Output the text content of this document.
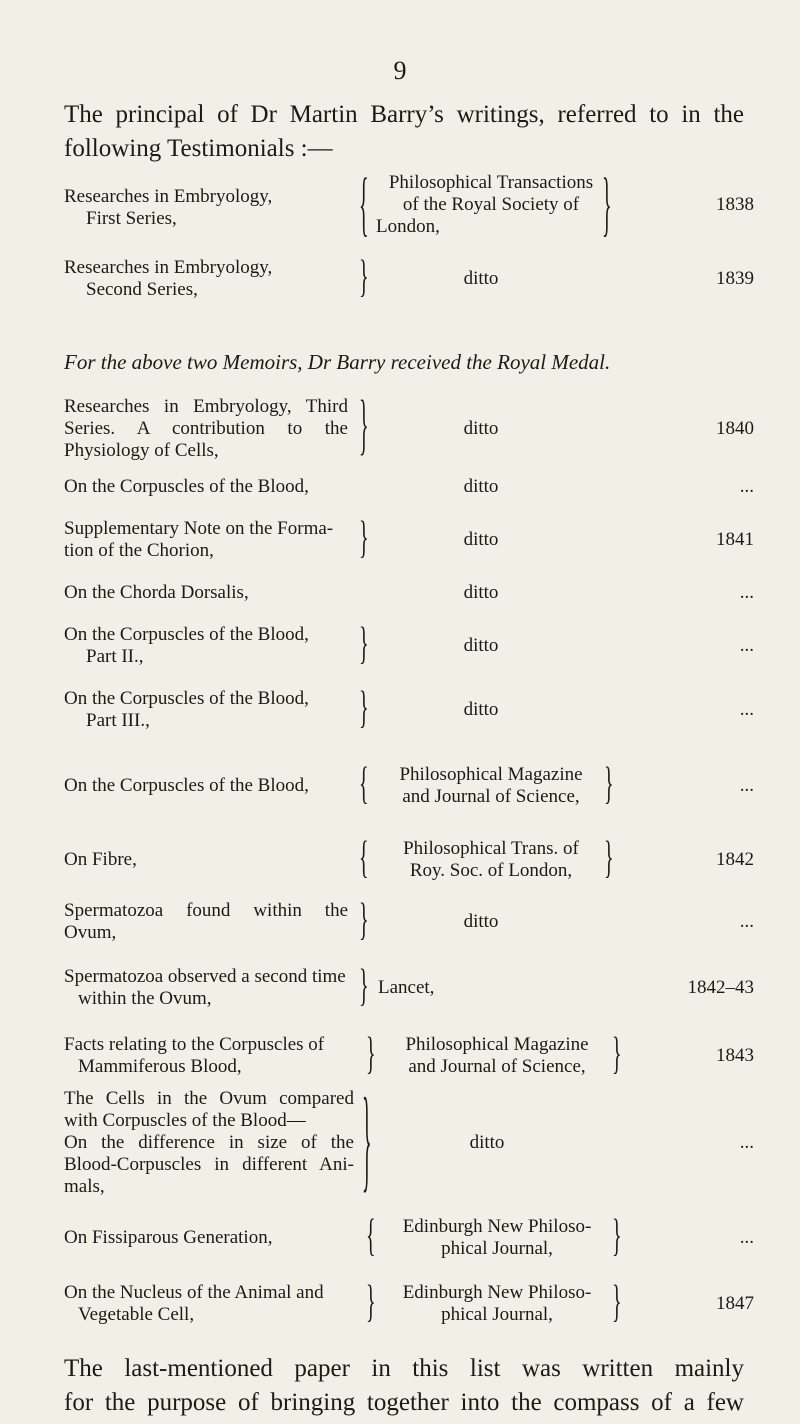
9
The principal of Dr Martin Barry’s writings, referred to in the following Testimonials :—
Researches in Embryology,
First Series,	{	Philosophical Transactions
of the Royal Society of
London,	}	1838
Researches in Embryology,
Second Series,	}	ditto	1839
For the above two Memoirs, Dr Barry received the Royal Medal.
Researches in Embryology, Third
Series. A contribution to the
Physiology of Cells,	}	ditto	1840
On the Corpuscles of the Blood,	ditto	...
Supplementary Note on the Forma-
tion of the Chorion,	}	ditto	1841
On the Chorda Dorsalis,	ditto	...
On the Corpuscles of the Blood,
Part II.,	}	ditto	...
On the Corpuscles of the Blood,
Part III.,	}	ditto	...
On the Corpuscles of the Blood,	{	Philosophical Magazine
and Journal of Science,	}	...
On Fibre,	{	Philosophical Trans. of
Roy. Soc. of London,	}	1842
Spermatozoa found within the
Ovum,	}	ditto	...
Spermatozoa observed a second time
within the Ovum,	} Lancet,	1842–43
Facts relating to the Corpuscles of
Mammiferous Blood,	}	Philosophical Magazine
and Journal of Science,	}	1843
The Cells in the Ovum compared
with Corpuscles of the Blood—
On the difference in size of the
Blood-Corpuscles in different Ani-
mals,	}	ditto	...
On Fissiparous Generation,	{	Edinburgh New Philoso-
phical Journal,	}	...
On the Nucleus of the Animal and
Vegetable Cell,	}	Edinburgh New Philoso-
phical Journal,	}	1847
The last-mentioned paper in this list was written mainly
for the purpose of bringing together into the compass of a few
